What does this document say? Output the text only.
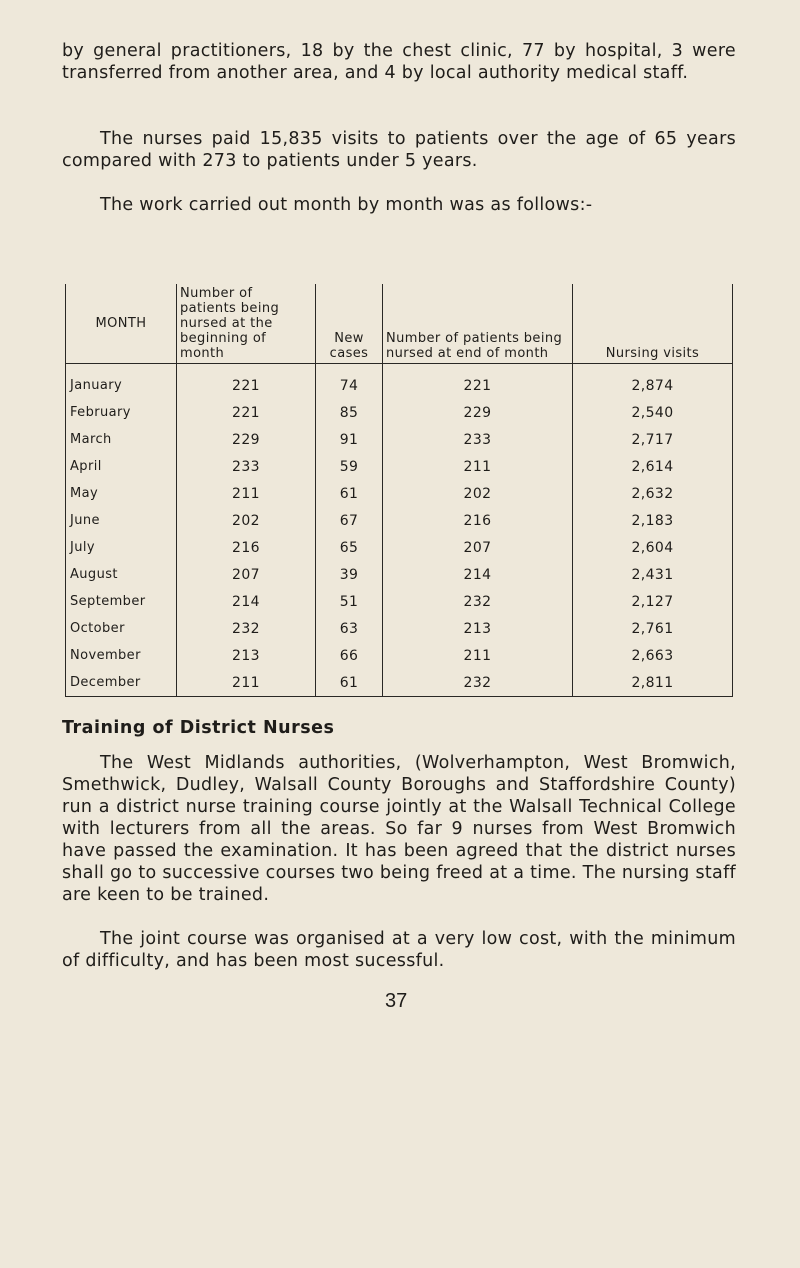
by general practitioners, 18 by the chest clinic, 77 by hospital, 3 were transferred from another area, and 4 by local authority medical staff.
The nurses paid 15,835 visits to patients over the age of 65 years compared with 273 to patients under 5 years.
The work carried out month by month was as follows:-
MONTH	Number of patients being nursed at the beginning of month	New cases	Number of patients being nursed at end of month	Nursing visits
January	221	74	221	2,874
February	221	85	229	2,540
March	229	91	233	2,717
April	233	59	211	2,614
May	211	61	202	2,632
June	202	67	216	2,183
July	216	65	207	2,604
August	207	39	214	2,431
September	214	51	232	2,127
October	232	63	213	2,761
November	213	66	211	2,663
December	211	61	232	2,811
Training of District Nurses
The West Midlands authorities, (Wolverhampton, West Bromwich, Smethwick, Dudley, Walsall County Boroughs and Staffordshire County) run a district nurse training course jointly at the Walsall Technical College with lecturers from all the areas. So far 9 nurses from West Bromwich have passed the examination. It has been agreed that the district nurses shall go to successive courses two being freed at a time. The nursing staff are keen to be trained.
The joint course was organised at a very low cost, with the minimum of difficulty, and has been most sucessful.
37
